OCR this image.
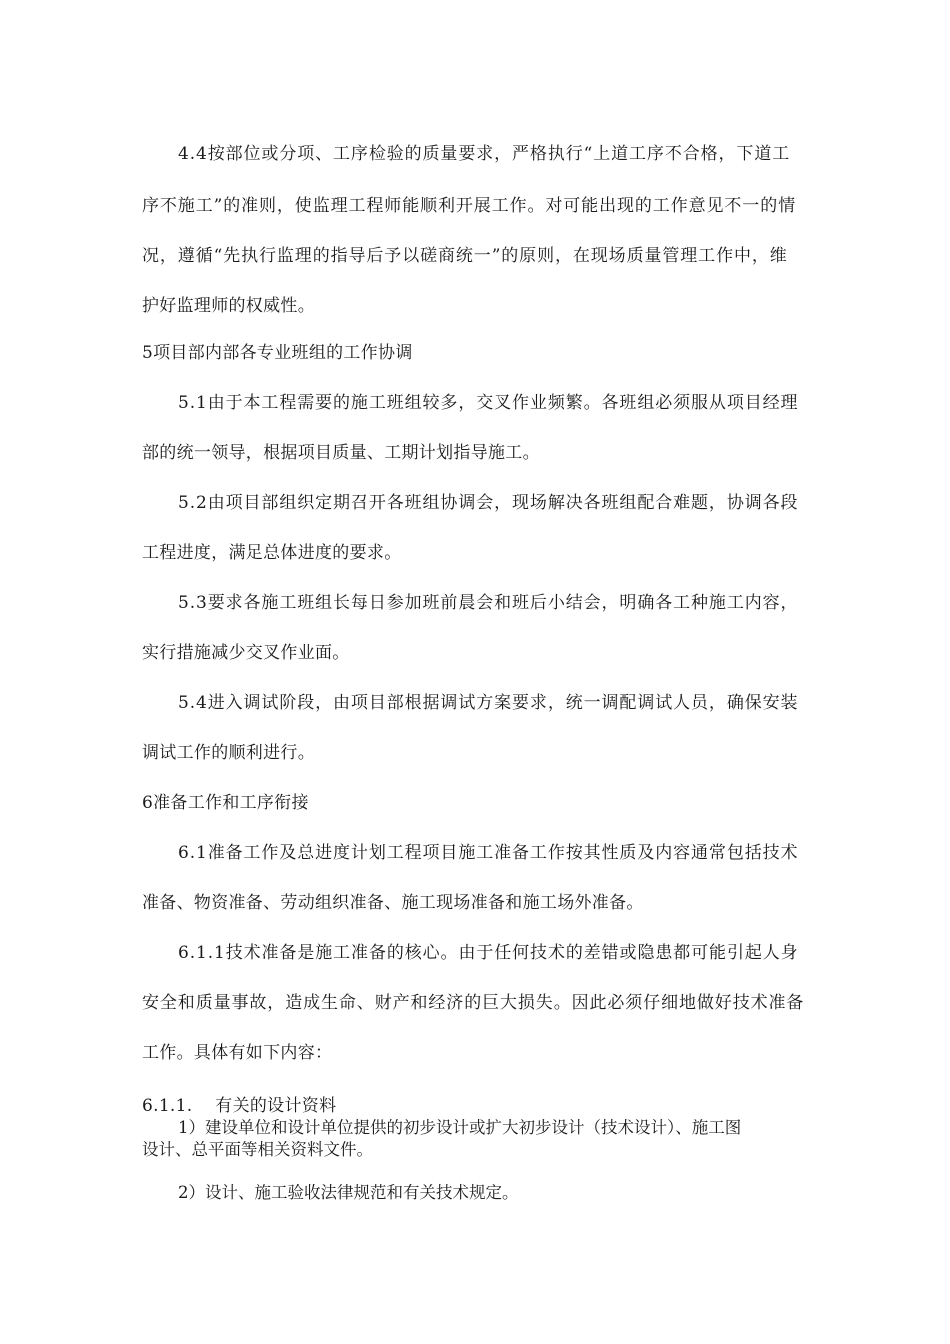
4.4按部位或分项、工序检验的质量要求，严格执行“上道工序不合格，下道工
序不施工”的准则，使监理工程师能顺利开展工作。对可能出现的工作意见不一的情
况，遵循“先执行监理的指导后予以磋商统一”的原则，在现场质量管理工作中，维
护好监理师的权威性。
5项目部内部各专业班组的工作协调
5.1由于本工程需要的施工班组较多，交叉作业频繁。各班组必须服从项目经理
部的统一领导，根据项目质量、工期计划指导施工。
5.2由项目部组织定期召开各班组协调会，现场解决各班组配合难题，协调各段
工程进度，满足总体进度的要求。
5.3要求各施工班组长每日参加班前晨会和班后小结会，明确各工种施工内容，
实行措施减少交叉作业面。
5.4进入调试阶段，由项目部根据调试方案要求，统一调配调试人员，确保安装
调试工作的顺利进行。
6准备工作和工序衔接
6.1准备工作及总进度计划工程项目施工准备工作按其性质及内容通常包括技术
准备、物资准备、劳动组织准备、施工现场准备和施工场外准备。
6.1.1技术准备是施工准备的核心。由于任何技术的差错或隐患都可能引起人身
安全和质量事故，造成生命、财产和经济的巨大损失。因此必须仔细地做好技术准备
工作。具体有如下内容：
6.1.1.    有关的设计资料
1）建设单位和设计单位提供的初步设计或扩大初步设计（技术设计）、施工图
设计、总平面等相关资料文件。
2）设计、施工验收法律规范和有关技术规定。
